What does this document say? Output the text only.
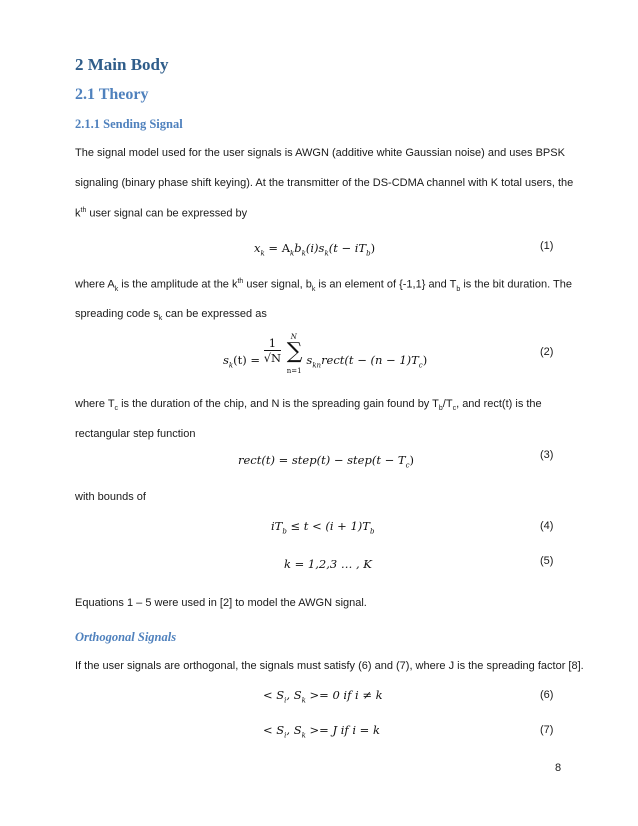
2 Main Body
2.1 Theory
2.1.1 Sending Signal
The signal model used for the user signals is AWGN (additive white Gaussian noise) and uses BPSK
signaling (binary phase shift keying). At the transmitter of the DS-CDMA channel with K total users, the
$k^{th}$ user signal can be expressed by
$x_k = A_kb_k(i)s_k(t - iT_b)$	(1)
where $A_k$ is the amplitude at the $k^{th}$ user signal, $b_k$ is an element of {-1,1} and $T_b$ is the bit duration. The
spreading code $s_k$ can be expressed as
$s_k(t) = \frac{1}{√N}$
N
∑
n=1
$s_{kn}rect(t - (n - 1)T_c)$
(2)
where $T_c$ is the duration of the chip, and N is the spreading gain found by $T_b/T_c$, and rect(t) is the
rectangular step function
rect(t) = step(t) − step(t − $T_c$)	(3)
with bounds of
$iT_b \le t < (i + 1)T_b$	(4)
k = 1,2,3 … , K	(5)
Equations 1 – 5 were used in [2] to model the AWGN signal.
Orthogonal Signals
If the user signals are orthogonal, the signals must satisfy (6) and (7), where J is the spreading factor [8].
< $S_i$, $S_k >= 0$ if i ≠ k	(6)
< $S_i$, $S_k >= J$ if i = k	(7)
8
